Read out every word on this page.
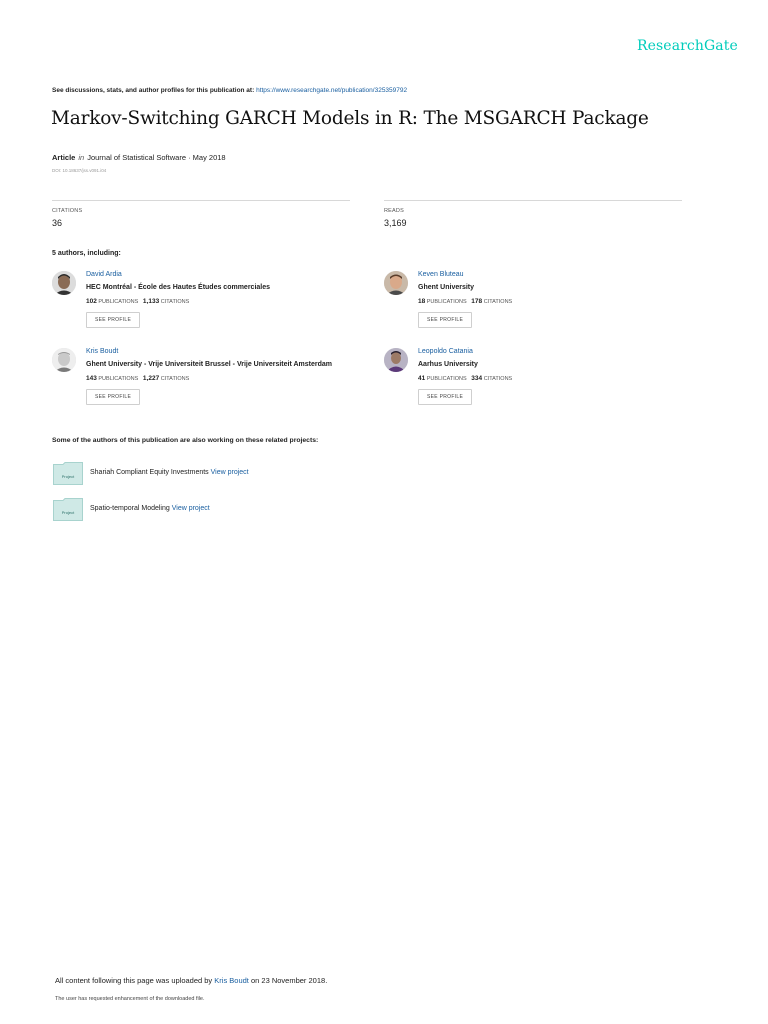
ResearchGate
See discussions, stats, and author profiles for this publication at: https://www.researchgate.net/publication/325359792
Markov-Switching GARCH Models in R: The MSGARCH Package
Article in Journal of Statistical Software · May 2018
DOI: 10.18637/jss.v091.i04
CITATIONS
36
READS
3,169
5 authors, including:
David Ardia
HEC Montréal - École des Hautes Études commerciales
102 PUBLICATIONS 1,133 CITATIONS
SEE PROFILE
Keven Bluteau
Ghent University
18 PUBLICATIONS 178 CITATIONS
SEE PROFILE
Kris Boudt
Ghent University - Vrije Universiteit Brussel - Vrije Universiteit Amsterdam
143 PUBLICATIONS 1,227 CITATIONS
SEE PROFILE
Leopoldo Catania
Aarhus University
41 PUBLICATIONS 334 CITATIONS
SEE PROFILE
Some of the authors of this publication are also working on these related projects:
Project
Shariah Compliant Equity Investments View project
Project
Spatio-temporal Modeling View project
All content following this page was uploaded by Kris Boudt on 23 November 2018.
The user has requested enhancement of the downloaded file.
